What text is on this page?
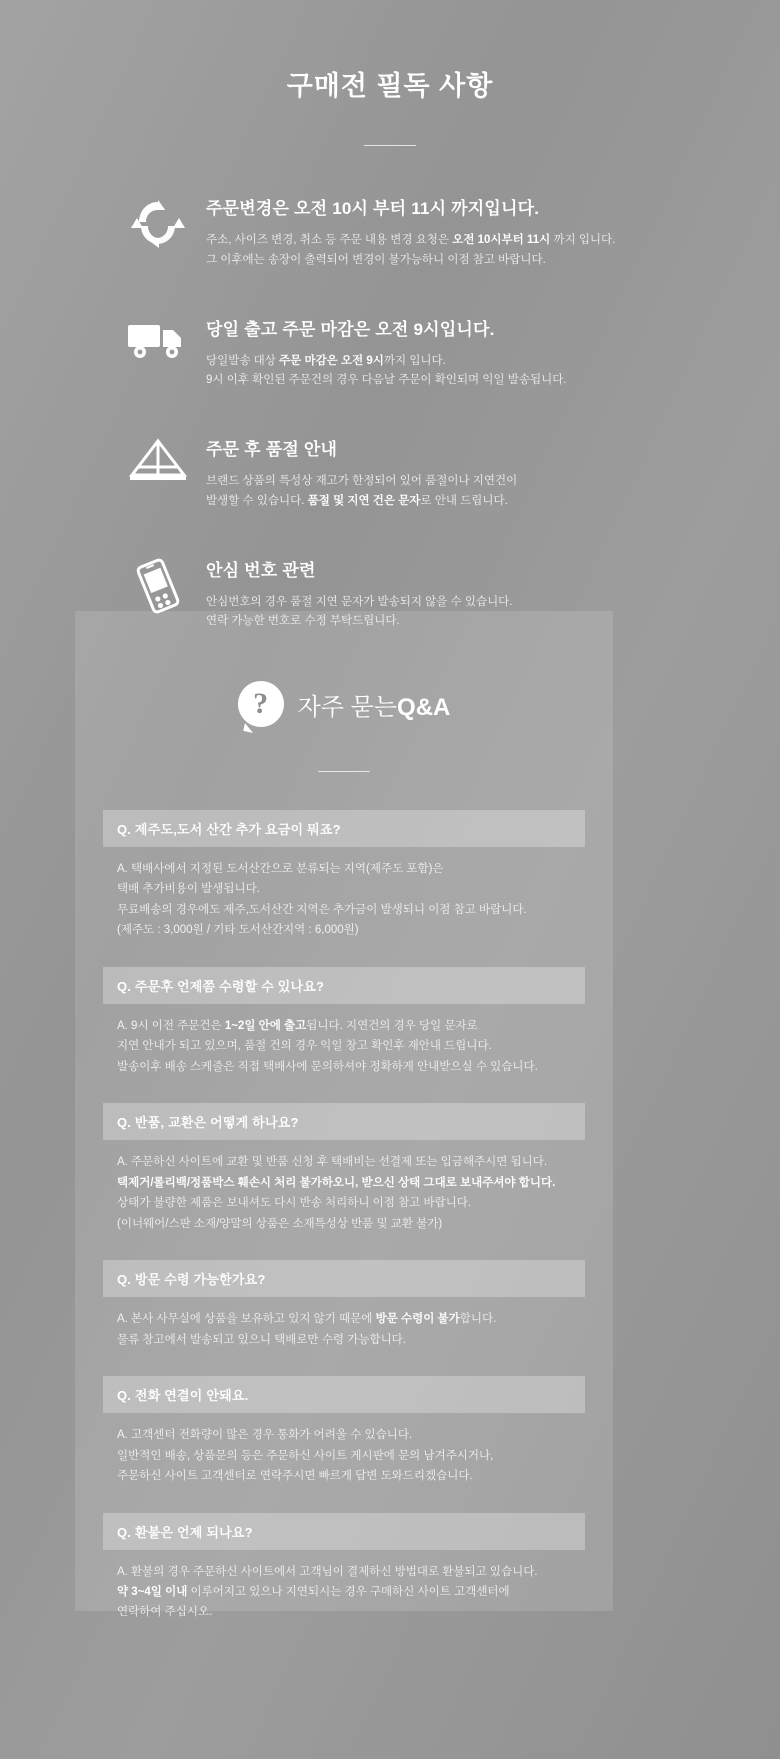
구매전 필독 사항
주문변경은 오전 10시 부터 11시 까지입니다.
주소, 사이즈 변경, 취소 등 주문 내용 변경 요청은 오전 10시부터 11시 까지 입니다.
그 이후에는 송장이 출력되어 변경이 불가능하니 이점 참고 바랍니다.
당일 출고 주문 마감은 오전 9시입니다.
당일발송 대상 주문 마감은 오전 9시까지 입니다.
9시 이후 확인된 주문건의 경우 다음날 주문이 확인되며 익일 발송됩니다.
주문 후 품절 안내
브랜드 상품의 특성상 재고가 한정되어 있어 품절이나 지연건이
발생할 수 있습니다. 품절 및 지연 건은 문자로 안내 드립니다.
안심 번호 관련
안심번호의 경우 품절 지연 문자가 발송되지 않을 수 있습니다.
연락 가능한 번호로 수정 부탁드립니다.
?	자주 묻는Q&A
Q. 제주도,도서 산간 추가 요금이 뭐죠?
A. 택배사에서 지정된 도서산간으로 분류되는 지역(제주도 포함)은
택배 추가비용이 발생됩니다.
무료배송의 경우에도 제주,도서산간 지역은 추가금이 발생되니 이점 참고 바랍니다.
(제주도 : 3,000원 / 기타 도서산간지역 : 6,000원)
Q. 주문후 언제쯤 수령할 수 있나요?
A. 9시 이전 주문건은 1~2일 안에 출고됩니다. 지연건의 경우 당일 문자로
지연 안내가 되고 있으며, 품절 건의 경우 익일 창고 확인후 재안내 드립니다.
발송이후 배송 스케줄은 직접 택배사에 문의하셔야 정확하게 안내받으실 수 있습니다.
Q. 반품, 교환은 어떻게 하나요?
A. 주문하신 사이트에 교환 및 반품 신청 후 택배비는 선결제 또는 입금해주시면 됩니다.
택제거/롤리백/정품박스 훼손시 처리 불가하오니, 받으신 상태 그대로 보내주셔야 합니다.
상태가 불량한 제품은 보내셔도 다시 반송 처리하니 이점 참고 바랍니다.
(이너웨어/스판 소재/양말의 상품은 소재특성상 반품 및 교환 불가)
Q. 방문 수령 가능한가요?
A. 본사 사무실에 상품을 보유하고 있지 않기 때문에 방문 수령이 불가합니다.
물류 창고에서 발송되고 있으니 택배로만 수령 가능합니다.
Q. 전화 연결이 안돼요.
A. 고객센터 전화량이 많은 경우 통화가 어려울 수 있습니다.
일반적인 배송, 상품문의 등은 주문하신 사이트 게시판에 문의 남겨주시거나,
주문하신 사이트 고객센터로 연락주시면 빠르게 답변 도와드리겠습니다.
Q. 환불은 언제 되나요?
A. 환불의 경우 주문하신 사이트에서 고객님이 결제하신 방법대로 환불되고 있습니다.
약 3~4일 이내 이루어지고 있으나 지연되시는 경우 구매하신 사이트 고객센터에
연락하여 주십시오.
